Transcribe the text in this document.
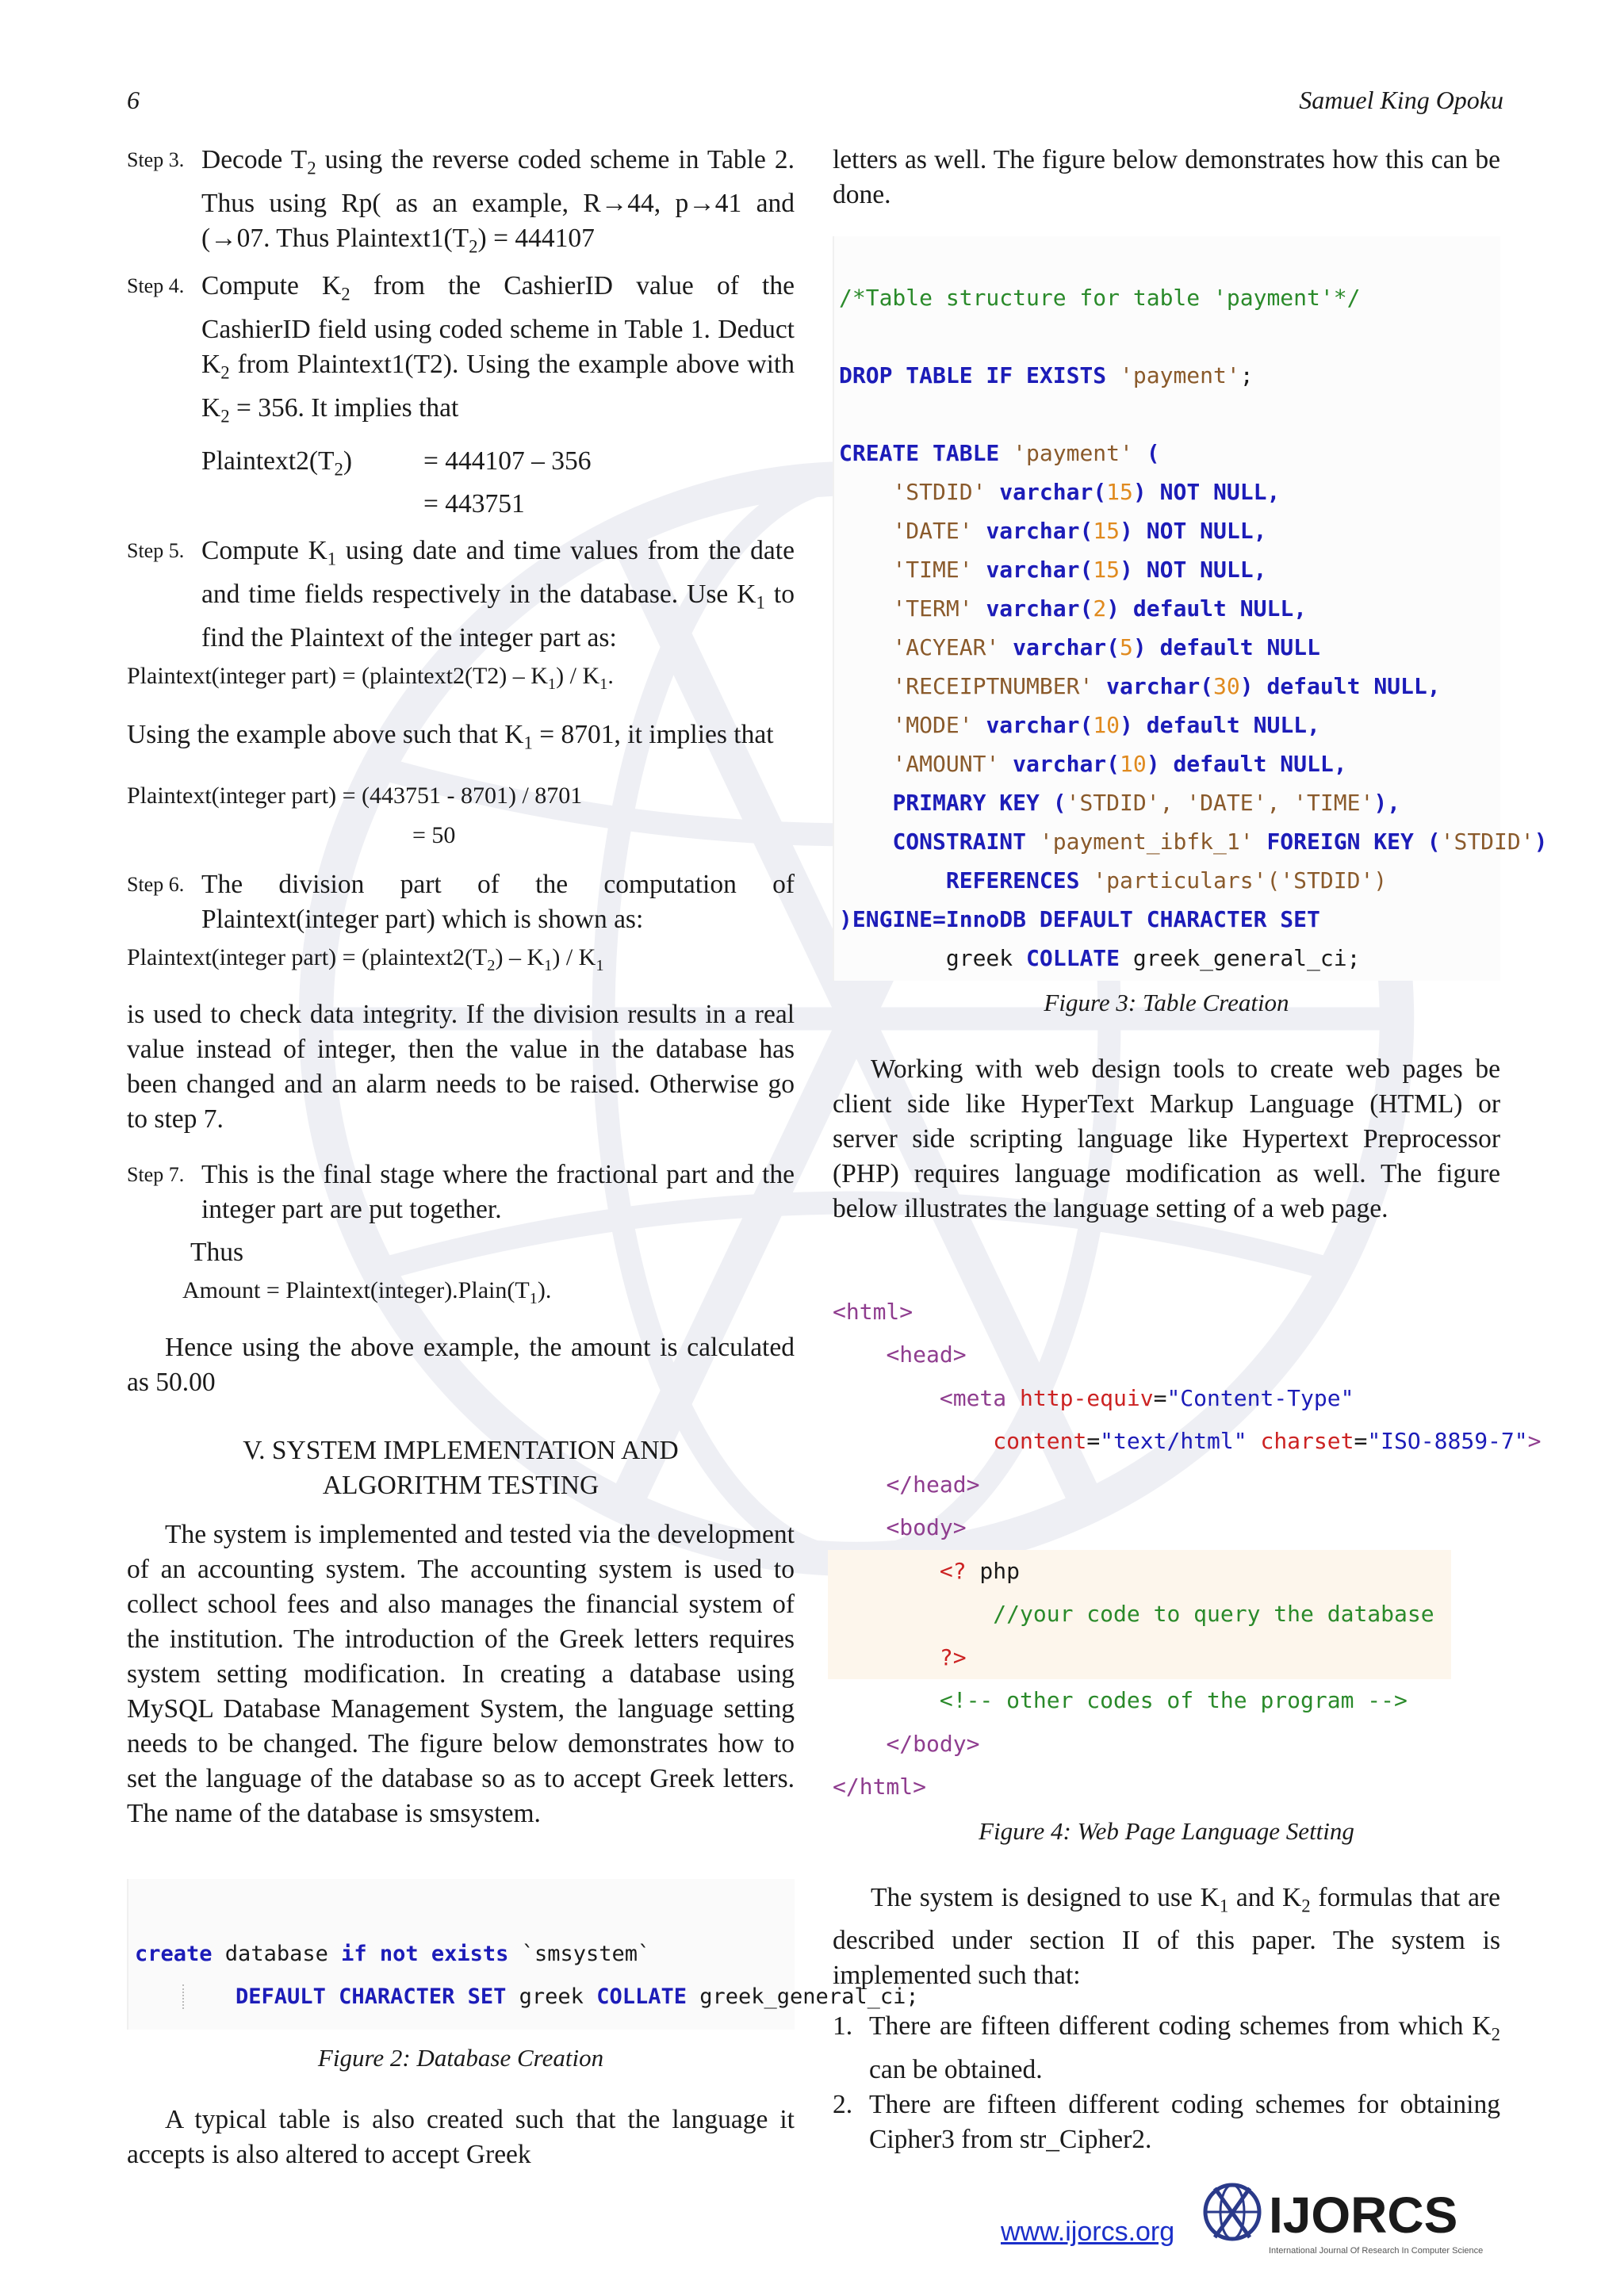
6	Samuel King Opoku
Step 3. Decode $T_2$ using the reverse coded scheme in Table 2. Thus using Rp( as an example, R→44, p→41 and (→07. Thus $Plaintext1(T_2) = 444107$
Step 4. Compute $K_2$ from the CashierID value of the CashierID field using coded scheme in Table 1. Deduct $K_2$ from Plaintext1(T2). Using the example above with $K_2 = 356$. It implies that
$Plaintext2(T_2)$	= 444107 – 356
= 443751
Step 5. Compute $K_1$ using date and time values from the date and time fields respectively in the database. Use $K_1$ to find the Plaintext of the integer part as:

Plaintext(integer part) = (plaintext2(T2) – $K_1) / K_1$.

Using the example above such that $K_1 = 8701$, it implies that

Plaintext(integer part) = (443751 - 8701) / 8701

= 50

Step 6. The division part of the computation of Plaintext(integer part) which is shown as:

Plaintext(integer part) = $(plaintext2(T_2) - K_1) / K_1$

is used to check data integrity. If the division results in a real value instead of integer, then the value in the database has been changed and an alarm needs to be raised. Otherwise go to step 7.

Step 7. This is the final stage where the fractional part and the integer part are put together.

Thus

Amount = $Plaintext(integer).Plain(T_1)$.

Hence using the above example, the amount is calculated as 50.00

V. SYSTEM IMPLEMENTATION AND

ALGORITHM TESTING

The system is implemented and tested via the development of an accounting system. The accounting system is used to collect school fees and also manages the financial system of the institution. The introduction of the Greek letters requires system setting modification. In creating a database using MySQL Database Management System, the language setting needs to be changed. The figure below demonstrates how to set the language of the database so as to accept Greek letters. The name of the database is smsystem.

create database if not exists `smsystem`
DEFAULT CHARACTER SET greek COLLATE greek_general_ci;

Figure 2: Database Creation

A typical table is also created such that the language it accepts is also altered to accept Greek

letters as well. The figure below demonstrates how this can be done.

/*Table structure for table 'payment'*/

DROP TABLE IF EXISTS 'payment';

CREATE TABLE 'payment' (
'STDID' varchar(15) NOT NULL,
'DATE' varchar(15) NOT NULL,
'TIME' varchar(15) NOT NULL,
'TERM' varchar(2) default NULL,
'ACYEAR' varchar(5) default NULL
'RECEIPTNUMBER' varchar(30) default NULL,
'MODE' varchar(10) default NULL,
'AMOUNT' varchar(10) default NULL,
PRIMARY KEY ('STDID', 'DATE', 'TIME'),
CONSTRAINT 'payment_ibfk_1' FOREIGN KEY ('STDID')
REFERENCES 'particulars'('STDID')
)ENGINE=InnoDB DEFAULT CHARACTER SET
greek COLLATE greek_general_ci;

Figure 3: Table Creation

Working with web design tools to create web pages be client side like HyperText Markup Language (HTML) or server side scripting language like Hypertext Preprocessor (PHP) requires language modification as well. The figure below illustrates the language setting of a web page.

<html>
<head>
<meta http-equiv="Content-Type"
content="text/html" charset="ISO-8859-7">
</head>
<body>
<? php
//your code to query the database
?>
<!-- other codes of the program -->
</body>
</html>

Figure 4: Web Page Language Setting

The system is designed to use $K_1$ and $K_2$ formulas that are described under section II of this paper. The system is implemented such that:

1. There are fifteen different coding schemes from which $K_2$ can be obtained.
2. There are fifteen different coding schemes for obtaining Cipher3 from str_Cipher2.
www.ijorcs.org IJORCS
International Journal Of Research In Computer Science
